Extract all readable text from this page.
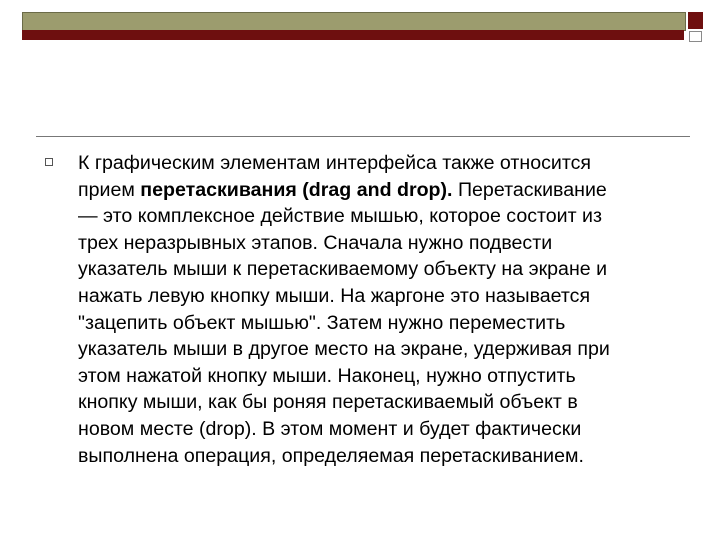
К графическим элементам интерфейса также относится
прием перетаскивания (drag and drop). Перетаскивание
— это комплексное действие мышью, которое состоит из
трех неразрывных этапов. Сначала нужно подвести
указатель мыши к перетаскиваемому объекту на экране и
нажать левую кнопку мыши. На жаргоне это называется
"зацепить объект мышью". Затем нужно переместить
указатель мыши в другое место на экране, удерживая при
этом нажатой кнопку мыши. Наконец, нужно отпустить
кнопку мыши, как бы роняя перетаскиваемый объект в
новом месте (drop). В этом момент и будет фактически
выполнена операция, определяемая перетаскиванием.
